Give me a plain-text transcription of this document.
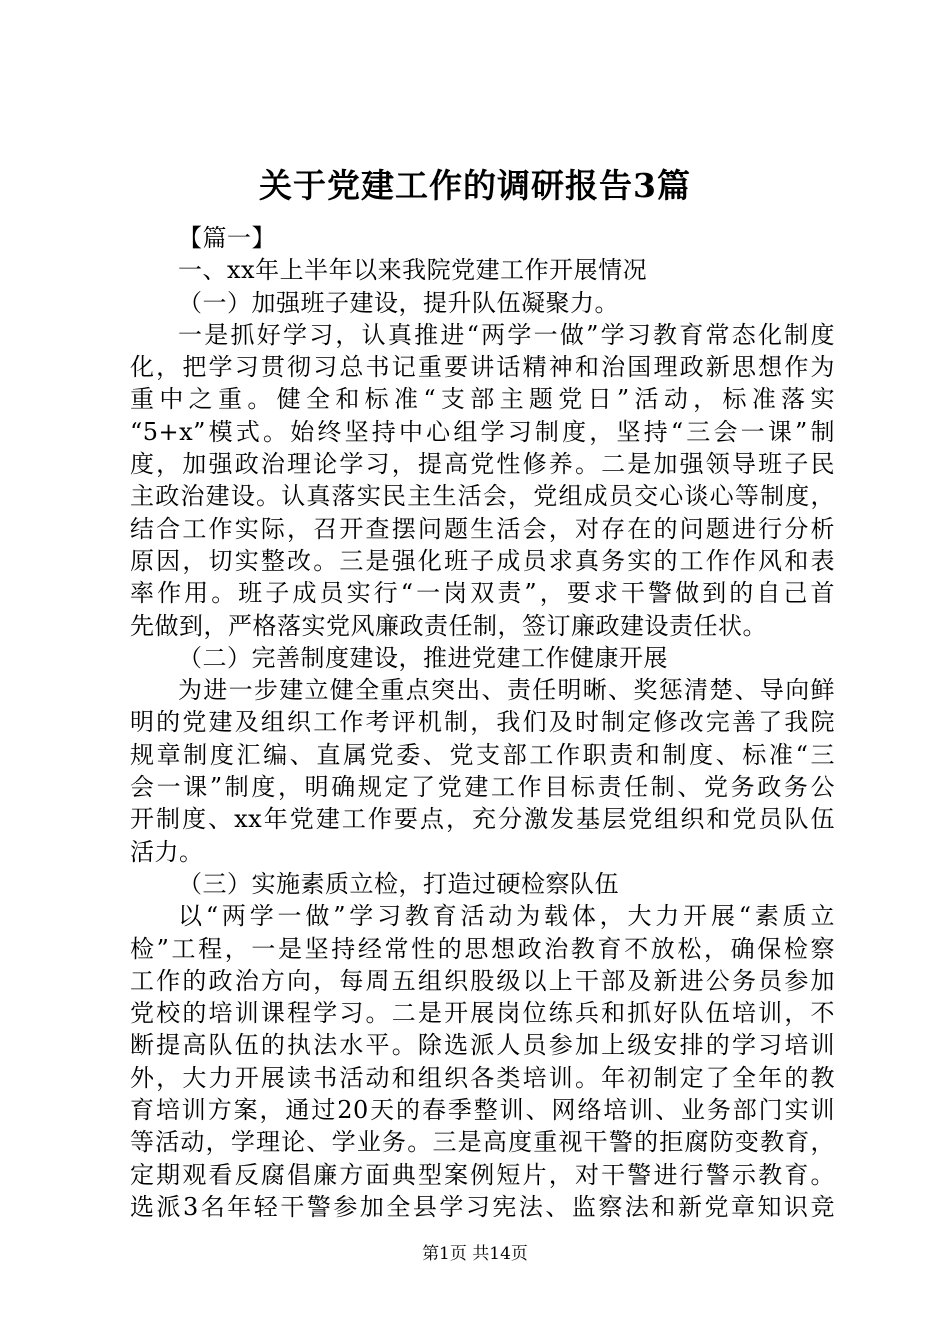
关于党建工作的调研报告3篇
【篇一】
一、xx年上半年以来我院党建工作开展情况
（一）加强班子建设，提升队伍凝聚力。
一是抓好学习，认真推进“两学一做”学习教育常态化制度
化，把学习贯彻习总书记重要讲话精神和治国理政新思想作为
重中之重。健全和标准“支部主题党日”活动，标准落实
“5+x”模式。始终坚持中心组学习制度，坚持“三会一课”制
度，加强政治理论学习，提高党性修养。二是加强领导班子民
主政治建设。认真落实民主生活会，党组成员交心谈心等制度，
结合工作实际，召开查摆问题生活会，对存在的问题进行分析
原因，切实整改。三是强化班子成员求真务实的工作作风和表
率作用。班子成员实行“一岗双责”，要求干警做到的自己首
先做到，严格落实党风廉政责任制，签订廉政建设责任状。
（二）完善制度建设，推进党建工作健康开展
为进一步建立健全重点突出、责任明晰、奖惩清楚、导向鲜
明的党建及组织工作考评机制，我们及时制定修改完善了我院
规章制度汇编、直属党委、党支部工作职责和制度、标准“三
会一课”制度，明确规定了党建工作目标责任制、党务政务公
开制度、xx年党建工作要点，充分激发基层党组织和党员队伍
活力。
（三）实施素质立检，打造过硬检察队伍
以“两学一做”学习教育活动为载体，大力开展“素质立
检”工程，一是坚持经常性的思想政治教育不放松，确保检察
工作的政治方向，每周五组织股级以上干部及新进公务员参加
党校的培训课程学习。二是开展岗位练兵和抓好队伍培训，不
断提高队伍的执法水平。除选派人员参加上级安排的学习培训
外，大力开展读书活动和组织各类培训。年初制定了全年的教
育培训方案，通过20天的春季整训、网络培训、业务部门实训
等活动，学理论、学业务。三是高度重视干警的拒腐防变教育，
定期观看反腐倡廉方面典型案例短片，对干警进行警示教育。
选派3名年轻干警参加全县学习宪法、监察法和新党章知识竞
第1页 共14页
